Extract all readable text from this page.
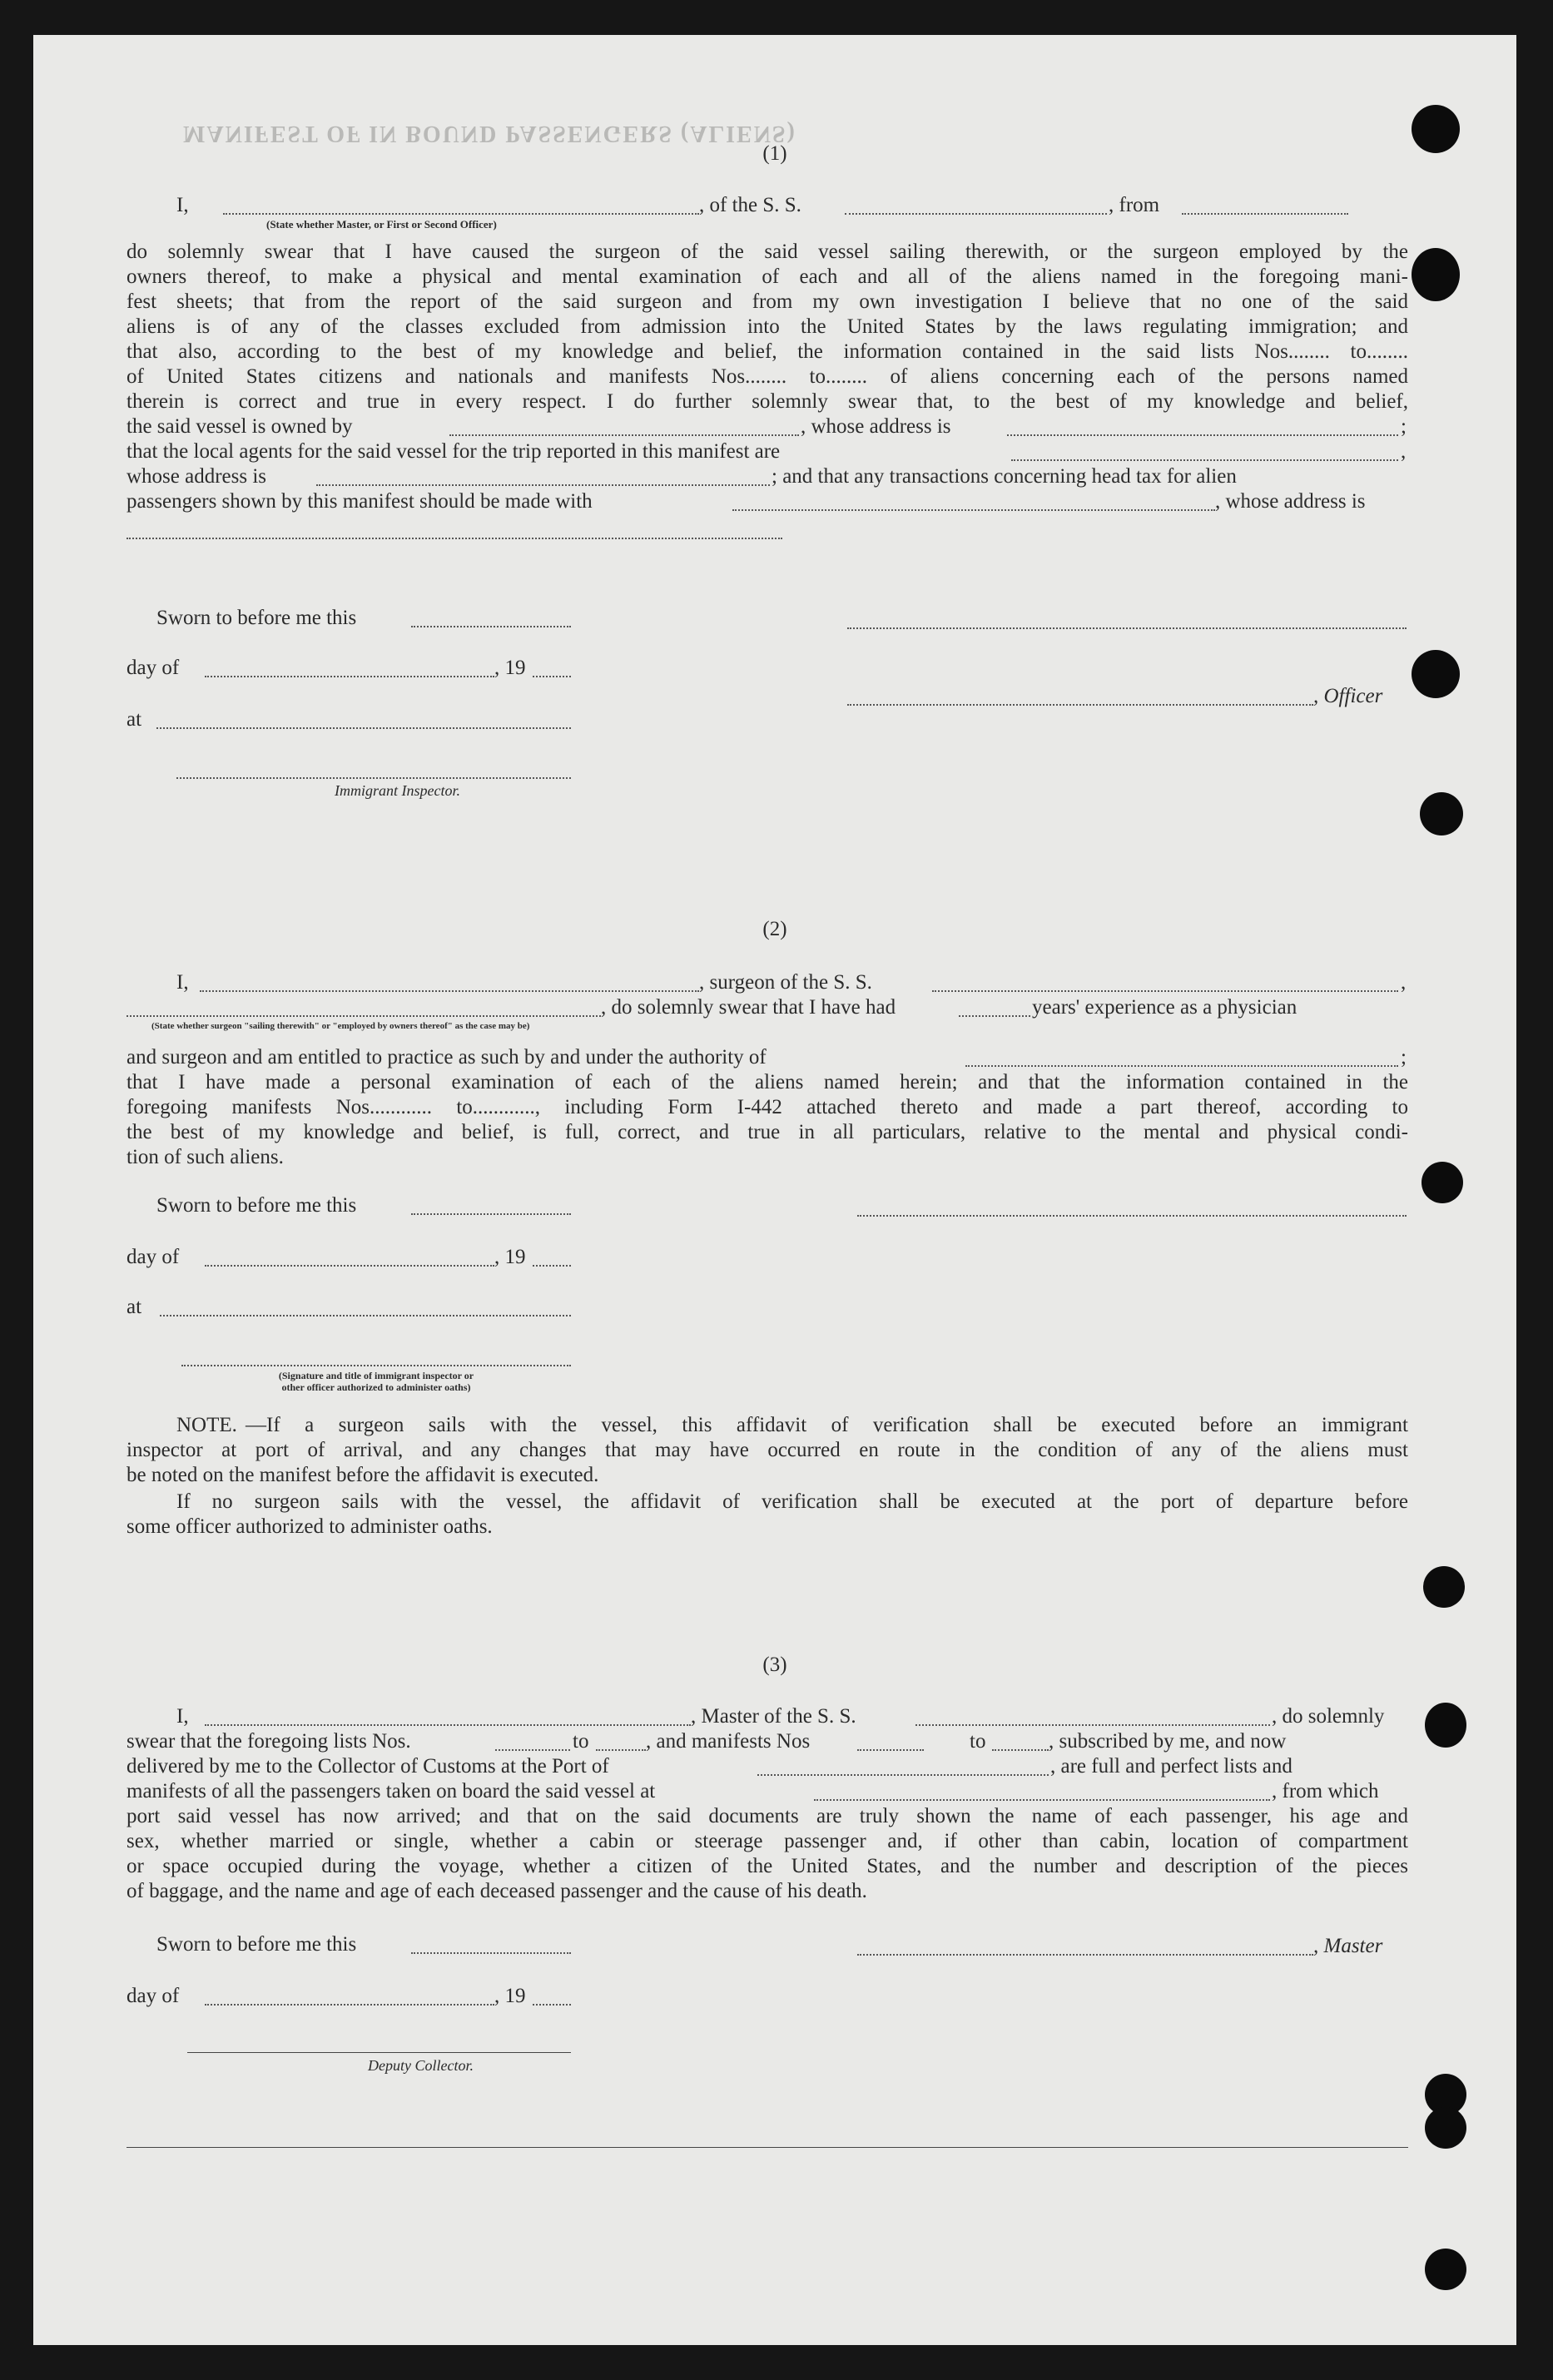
MANIFEST OF IN BOUND PASSENGERS (ALIENS)
(1)
I,	, of the S. S.	, from
(State whether Master, or First or Second Officer)
do solemnly swear that I have caused the surgeon of the said vessel sailing therewith, or the surgeon employed by the
owners thereof, to make a physical and mental examination of each and all of the aliens named in the foregoing mani-
fest sheets; that from the report of the said surgeon and from my own investigation I believe that no one of the said
aliens is of any of the classes excluded from admission into the United States by the laws regulating immigration; and
that also, according to the best of my knowledge and belief, the information contained in the said lists Nos........ to........
of United States citizens and nationals and manifests Nos........ to........ of aliens concerning each of the persons named
therein is correct and true in every respect. I do further solemnly swear that, to the best of my knowledge and belief,
the said vessel is owned by	, whose address is	;
that the local agents for the said vessel for the trip reported in this manifest are	,
whose address is	; and that any transactions concerning head tax for alien
passengers shown by this manifest should be made with	, whose address is
Sworn to before me this
day of	, 19
, Officer
at
Immigrant Inspector.
(2)
I,	, surgeon of the S. S.	,
, do solemnly swear that I have had	years' experience as a physician
(State whether surgeon "sailing therewith" or "employed by owners thereof" as the case may be)
and surgeon and am entitled to practice as such by and under the authority of	;
that I have made a personal examination of each of the aliens named herein; and that the information contained in the
foregoing manifests Nos............ to............, including Form I-442 attached thereto and made a part thereof, according to
the best of my knowledge and belief, is full, correct, and true in all particulars, relative to the mental and physical condi-
tion of such aliens.
Sworn to before me this
day of	, 19
at
(Signature and title of immigrant inspector or
other officer authorized to administer oaths)
NOTE. —If a surgeon sails with the vessel, this affidavit of verification shall be executed before an immigrant
inspector at port of arrival, and any changes that may have occurred en route in the condition of any of the aliens must
be noted on the manifest before the affidavit is executed.
If no surgeon sails with the vessel, the affidavit of verification shall be executed at the port of departure before
some officer authorized to administer oaths.
(3)
I,	, Master of the S. S.	, do solemnly
swear that the foregoing lists Nos.	to	, and manifests Nos	to	, subscribed by me, and now
delivered by me to the Collector of Customs at the Port of	, are full and perfect lists and
manifests of all the passengers taken on board the said vessel at	, from which
port said vessel has now arrived; and that on the said documents are truly shown the name of each passenger, his age and
sex, whether married or single, whether a cabin or steerage passenger and, if other than cabin, location of compartment
or space occupied during the voyage, whether a citizen of the United States, and the number and description of the pieces
of baggage, and the name and age of each deceased passenger and the cause of his death.
Sworn to before me this	, Master
day of	, 19
Deputy Collector.
